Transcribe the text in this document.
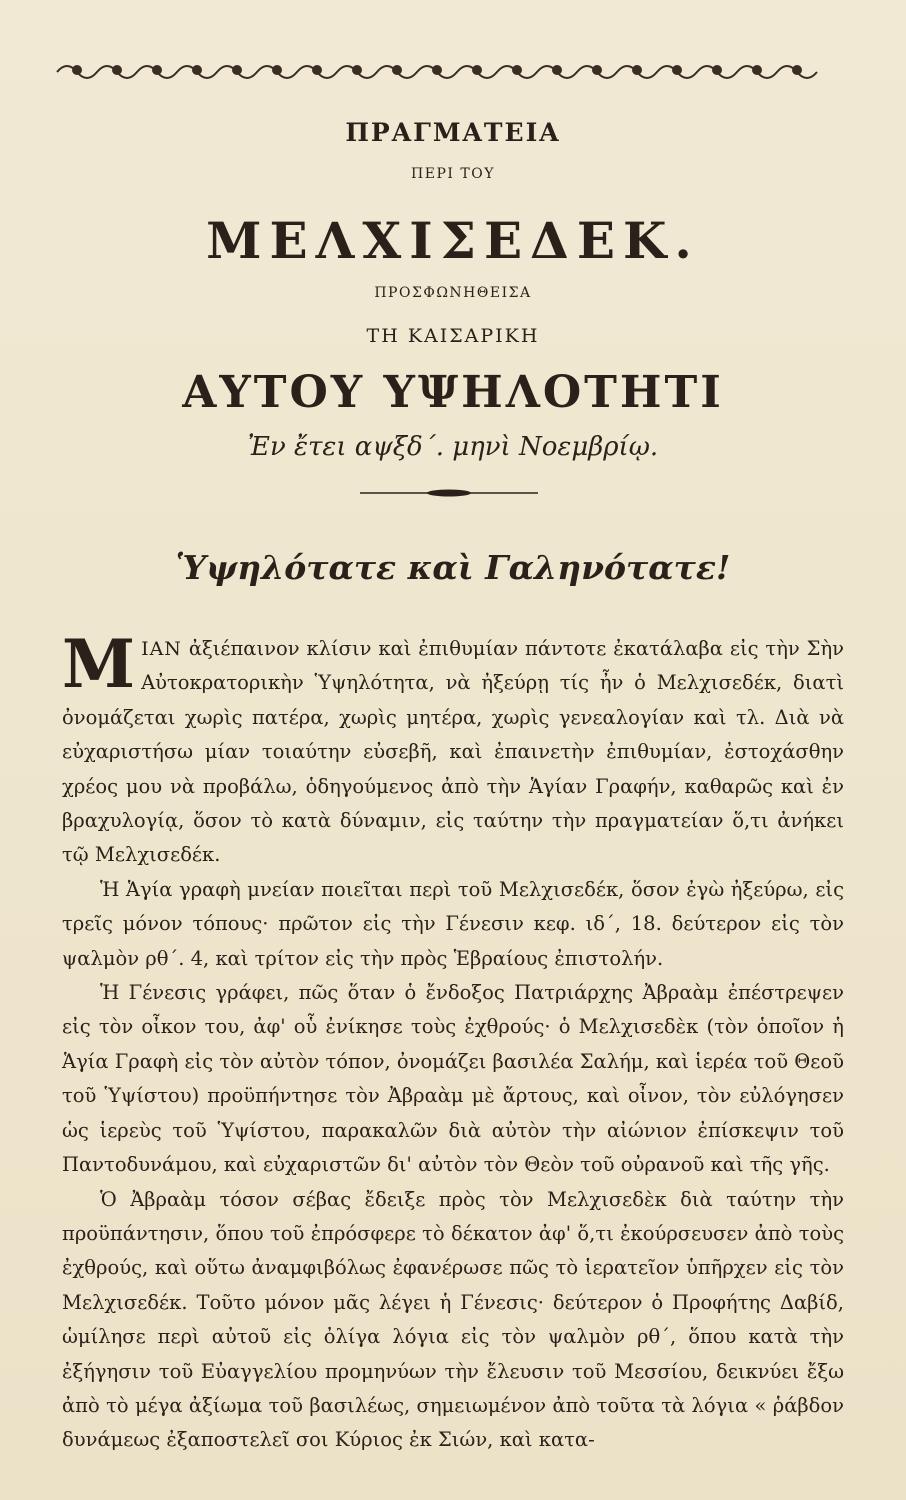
ΠΡΑΓΜΑΤΕΙΑ
ΠΕΡΙ ΤΟΥ
ΜΕΛΧΙΣΕΔΕΚ.
ΠΡΟΣΦΩΝΗΘΕΙΣΑ
ΤΗ ΚΑΙΣΑΡΙΚΗ
ΑΥΤΟΥ ΥΨΗΛΟΤΗΤΙ
Ἐν ἔτει αψξδ΄. μηνὶ Νοεμβρίῳ.
Ὑψηλότατε καὶ Γαληνότατε!

ΜΙΑΝ ἀξιέπαινον κλίσιν καὶ ἐπιθυμίαν πάντοτε ἐκατάλαβα εἰς τὴν Σὴν Αὐτοκρατορικὴν Ὑψηλότητα, νὰ ἠξεύρῃ τίς ἦν ὁ Μελχισεδέκ, διατὶ ὀνομάζεται χωρὶς πατέρα, χωρὶς μητέρα, χωρὶς γενεαλογίαν καὶ τλ. Διὰ νὰ εὐχαριστήσω μίαν τοιαύτην εὐσεβῆ, καὶ ἐπαινετὴν ἐπιθυμίαν, ἐστοχάσθην χρέος μου νὰ προβάλω, ὁδηγούμενος ἀπὸ τὴν Ἁγίαν Γραφήν, καθαρῶς καὶ ἐν βραχυλογίᾳ, ὅσον τὸ κατὰ δύναμιν, εἰς ταύτην τὴν πραγματείαν ὅ,τι ἀνήκει τῷ Μελχισεδέκ.

Ἡ Ἁγία γραφὴ μνείαν ποιεῖται περὶ τοῦ Μελχισεδέκ, ὅσον ἐγὼ ἠξεύρω, εἰς τρεῖς μόνον τόπους· πρῶτον εἰς τὴν Γένεσιν κεφ. ιδ΄, 18. δεύτερον εἰς τὸν ψαλμὸν ρθ΄. 4, καὶ τρίτον εἰς τὴν πρὸς Ἑβραίους ἐπιστολήν.

Ἡ Γένεσις γράφει, πῶς ὅταν ὁ ἔνδοξος Πατριάρχης Ἀβραὰμ ἐπέστρεψεν εἰς τὸν οἶκον του, ἀφ' οὗ ἐνίκησε τοὺς ἐχθρούς· ὁ Μελχισεδὲκ (τὸν ὁποῖον ἡ Ἁγία Γραφὴ εἰς τὸν αὐτὸν τόπον, ὀνομάζει βασιλέα Σαλήμ, καὶ ἱερέα τοῦ Θεοῦ τοῦ Ὑψίστου) προϋπήντησε τὸν Ἀβραὰμ μὲ ἄρτους, καὶ οἶνον, τὸν εὐλόγησεν ὡς ἱερεὺς τοῦ Ὑψίστου, παρακαλῶν διὰ αὐτὸν τὴν αἰώνιον ἐπίσκεψιν τοῦ Παντοδυνάμου, καὶ εὐχαριστῶν δι' αὐτὸν τὸν Θεὸν τοῦ οὐρανοῦ καὶ τῆς γῆς.

Ὁ Ἀβραὰμ τόσον σέβας ἔδειξε πρὸς τὸν Μελχισεδὲκ διὰ ταύτην τὴν προϋπάντησιν, ὅπου τοῦ ἐπρόσφερε τὸ δέκατον ἀφ' ὅ,τι ἐκούρσευσεν ἀπὸ τοὺς ἐχθρούς, καὶ οὕτω ἀναμφιβόλως ἐφανέρωσε πῶς τὸ ἱερατεῖον ὑπῆρχεν εἰς τὸν Μελχισεδέκ. Τοῦτο μόνον μᾶς λέγει ἡ Γένεσις· δεύτερον ὁ Προφήτης Δαβίδ, ὡμίλησε περὶ αὐτοῦ εἰς ὀλίγα λόγια εἰς τὸν ψαλμὸν ρθ΄, ὅπου κατὰ τὴν ἐξήγησιν τοῦ Εὐαγγελίου προμηνύων τὴν ἔλευσιν τοῦ Μεσσίου, δεικνύει ἔξω ἀπὸ τὸ μέγα ἀξίωμα τοῦ βασιλέως, σημειωμένον ἀπὸ τοῦτα τὰ λόγια « ῥάβδον δυνάμεως ἐξαποστελεῖ σοι Κύριος ἐκ Σιών, καὶ κατα-
